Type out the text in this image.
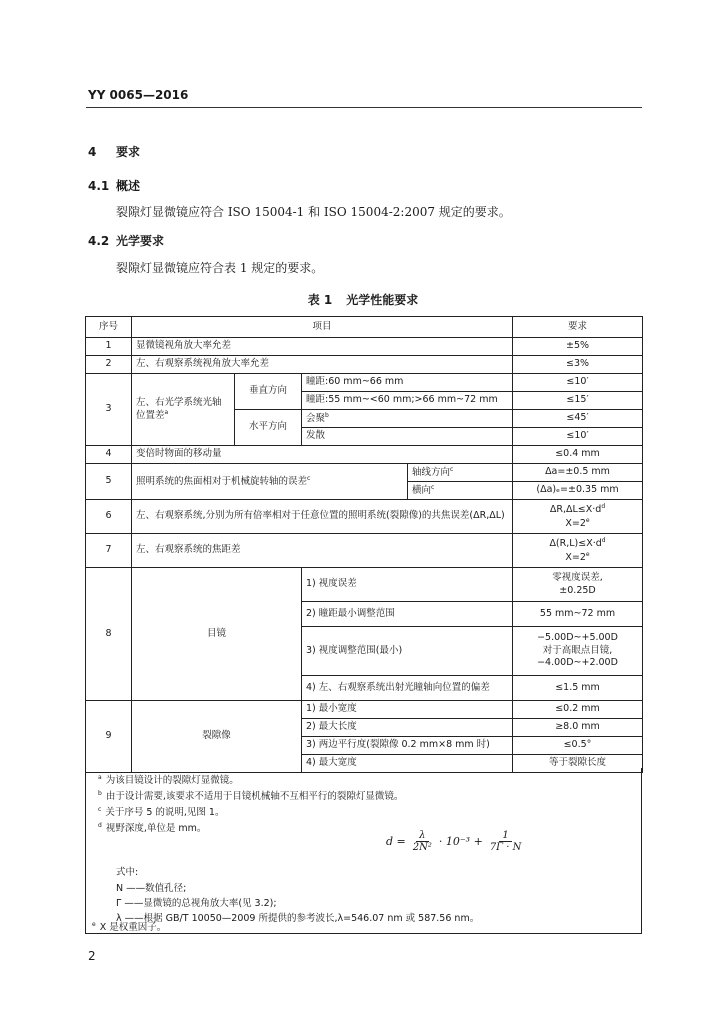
YY 0065—2016
4 要求
4.1 概述
裂隙灯显微镜应符合 ISO 15004-1 和 ISO 15004-2:2007 规定的要求。
4.2 光学要求
裂隙灯显微镜应符合表 1 规定的要求。
表 1 光学性能要求
序号	项目				要求
1	显微镜视角放大率允差				±5%
2	左、右观察系统视角放大率允差				≤3%
3	左、右光学系统光轴位置差$^a$	垂直方向	瞳距:60 mm~66 mm		≤10′
			瞳距:55 mm~<60 mm;>66 mm~72 mm		≤15′
		水平方向	会聚$^b$		≤45′
			发散		≤10′
4	变倍时物面的移动量				≤0.4 mm
5	照明系统的焦面相对于机械旋转轴的误差$^c$			轴线方向$^c$	Δa=±0.5 mm
				横向$^c$	(Δa)ₑ=±0.35 mm
6	左、右观察系统,分别为所有倍率相对于任意位置的照明系统(裂隙像)的共焦误差(ΔR,ΔL)				$\Delta R,\Delta L\le X\cdot d^d$
$X=2^e$
7	左、右观察系统的焦距差				$\Delta(R,L)\le X\cdot d^d$
$X=2^e$
8	目镜		1) 视度误差		零视度误差,
±0.25D
			2) 瞳距最小调整范围		55 mm~72 mm
			3) 视度调整范围(最小)		−5.00D~+5.00D
对于高眼点目镜,
−4.00D~+2.00D
			4) 左、右观察系统出射光瞳轴向位置的偏差		≤1.5 mm
9	裂隙像		1) 最小宽度		≤0.2 mm
			2) 最大长度		≥8.0 mm
			3) 两边平行度(裂隙像 0.2 mm×8 mm 时)		≤0.5°
			4) 最大宽度		等于裂隙长度
$^a$ 为该目镜设计的裂隙灯显微镜。
$^b$ 由于设计需要,该要求不适用于目镜机械轴不互相平行的裂隙灯显微镜。
$^c$ 关于序号 5 的说明,见图 1。
$^d$ 视野深度,单位是 mm。
$d = \frac{\lambda}{\text{2N²}} \cdot 10^{-3} + \frac{1}{7\Gamma \cdot N}$
式中:
N ——数值孔径;
Γ ——显微镜的总视角放大率(见 3.2);
λ ——根据 GB/T 10050—2009 所提供的参考波长,λ=546.07 nm 或 587.56 nm。
$^e$ X 是权重因子。
2
